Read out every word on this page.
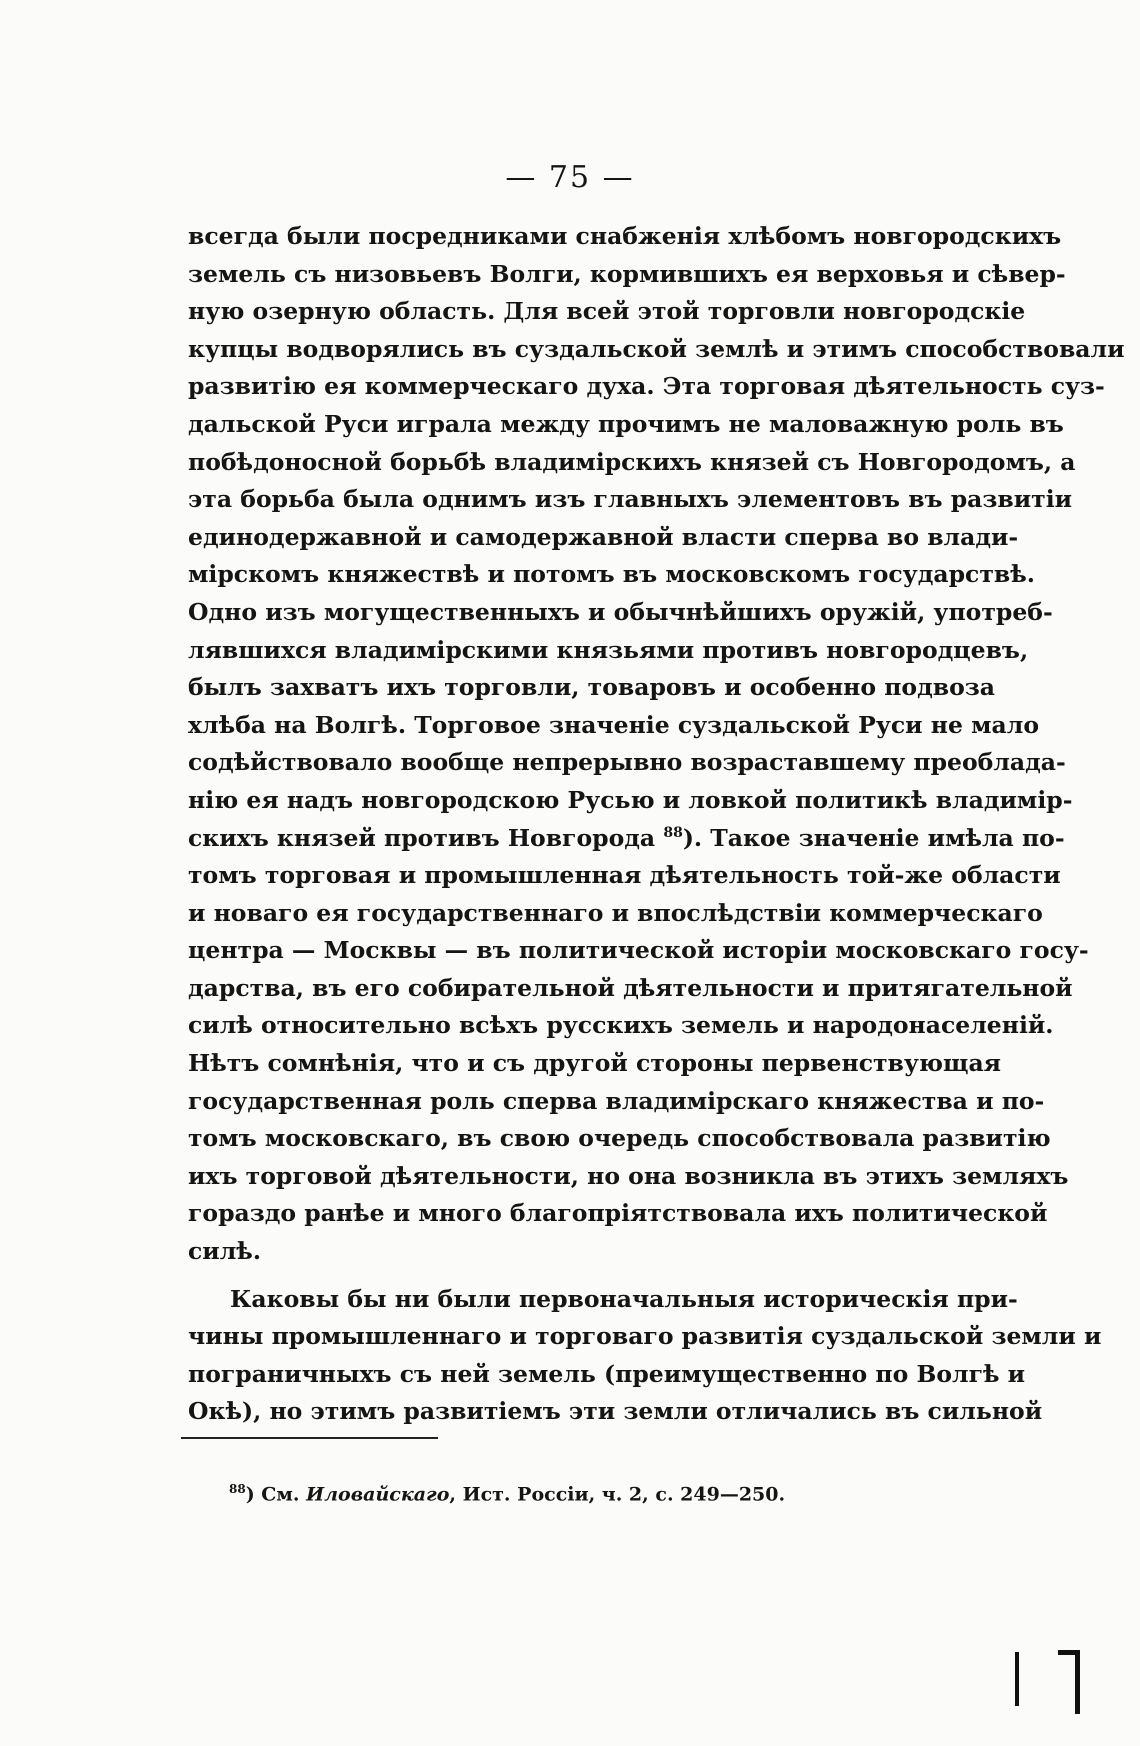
— 75 —
всегда были посредниками снабженія хлѣбомъ новгородскихъ
земель съ низовьевъ Волги, кормившихъ ея верховья и сѣвер-
ную озерную область. Для всей этой торговли новгородскіе
купцы водворялись въ суздальской землѣ и этимъ способствовали
развитію ея коммерческаго духа. Эта торговая дѣятельность суз-
дальской Руси играла между прочимъ не маловажную роль въ
побѣдоносной борьбѣ владимірскихъ князей съ Новгородомъ, а
эта борьба была однимъ изъ главныхъ элементовъ въ развитіи
единодержавной и самодержавной власти сперва во влади-
мірскомъ княжествѣ и потомъ въ московскомъ государствѣ.
Одно изъ могущественныхъ и обычнѣйшихъ оружій, употреб-
лявшихся владимірскими князьями противъ новгородцевъ,
былъ захватъ ихъ торговли, товаровъ и особенно подвоза
хлѣба на Волгѣ. Торговое значеніе суздальской Руси не мало
содѣйствовало вообще непрерывно возраставшему преоблада-
нію ея надъ новгородскою Русью и ловкой политикѣ владимір-
скихъ князей противъ Новгорода $^{88}$). Такое значеніе имѣла по-
томъ торговая и промышленная дѣятельность той-же области
и новаго ея государственнаго и впослѣдствіи коммерческаго
центра — Москвы — въ политической исторіи московскаго госу-
дарства, въ его собирательной дѣятельности и притягательной
силѣ относительно всѣхъ русскихъ земель и народонаселеній.
Нѣтъ сомнѣнія, что и съ другой стороны первенствующая
государственная роль сперва владимірскаго княжества и по-
томъ московскаго, въ свою очередь способствовала развитію
ихъ торговой дѣятельности, но она возникла въ этихъ земляхъ
гораздо ранѣе и много благопріятствовала ихъ политической
силѣ.
Каковы бы ни были первоначальныя историческія при-
чины промышленнаго и торговаго развитія суздальской земли и
пограничныхъ съ ней земель (преимущественно по Волгѣ и
Окѣ), но этимъ развитіемъ эти земли отличались въ сильной
$^{88}$) См. Иловайскаго, Ист. Россіи, ч. 2, с. 249—250.
